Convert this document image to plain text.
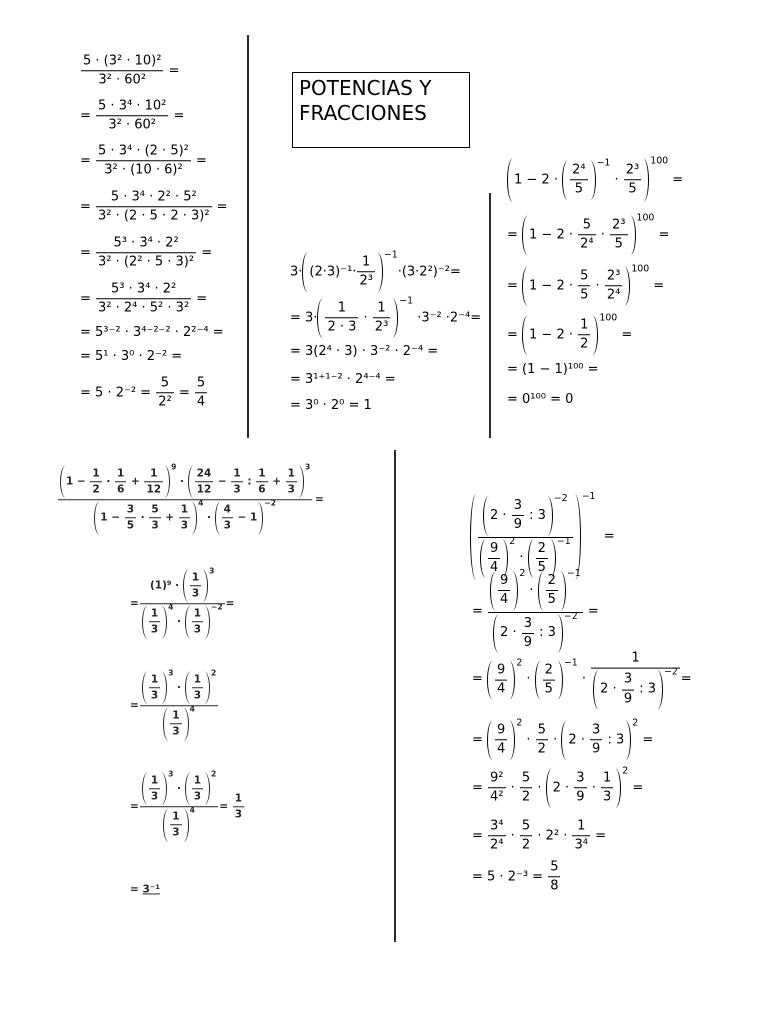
POTENCIAS Y
FRACCIONES
$\frac{\text{5 · (3² · 10)²}}{\text{3² · 60²}}$ =
= $\frac{\text{5 · 3⁴ · 10²}}{\text{3² · 60²}}$ =
= $\frac{\text{5 · 3⁴ · (2 · 5)²}}{\text{3² · (10 · 6)²}}$ =
= $\frac{\text{5 · 3⁴ · 2² · 5²}}{\text{3² · (2 · 5 · 2 · 3)²}}$ =
= $\frac{\text{5³ · 3⁴ · 2²}}{\text{3² · (2² · 5 · 3)²}}$ =
= $\frac{\text{5³ · 3⁴ · 2²}}{\text{3² · 2⁴ · 5² · 3²}}$ =
= 5³⁻² · 3⁴⁻²⁻² · 2²⁻⁴ =
= 5¹ · 3⁰ · 2⁻² =
= $5 \cdot 2^{-2} = \frac{5}{\text{2²}} = \frac{5}{4}$
$3\cdot (2\cdot 3)^{-1}\cdot \frac{1}{\text{2³}} -1$
·(3·2²)⁻²=
= $3\cdot \frac{1}{2 \cdot 3} \cdot \frac{1}{\text{2³}} -1$
·3⁻² ·2⁻⁴=
= 3(2⁴ · 3) · 3⁻² · 2⁻⁴ =
= 3¹⁺¹⁻² · 2⁴⁻⁴ =
= 3⁰ · 2⁰ = 1
$1 - 2 \cdot \frac{\text{2⁴}}{5} -1$
· $\frac{\text{2³}}{5}$
100
=
= $1 - 2 \cdot \frac{5}{\text{2⁴}} \cdot \frac{\text{2³}}{5} 100$
=
= $1 - 2 \cdot \frac{5}{5} \cdot \frac{\text{2³}}{\text{2⁴}} 100$
=
= $1 - 2 \cdot \frac{1}{2} 100$
=
= (1 − 1)¹⁰⁰ =
= 0¹⁰⁰ = 0
$1 - \frac{1}{2} \cdot \frac{1}{6} + \frac{1}{12}$
9
· $\frac{24}{12} - \frac{1}{3}$ : $\frac{1}{6} + \frac{1}{3}$
3
$1 - \frac{3}{5} \cdot \frac{5}{3} + \frac{1}{3}$
4
· $\frac{4}{3} - 1$
−2 =
= $(1)^9 \cdot \frac{1}{3}$
3
$\frac{1}{3}$
4
· $\frac{1}{3}$
−2 =
= $\frac{1}{3}$
3
· $\frac{1}{3}$
2
$\frac{1}{3}$
4
= $\frac{1}{3}$
3
· $\frac{1}{3}$
2
$\frac{1}{3}$
$4 = \frac{1}{3}$
= 3⁻¹
$2 \cdot \frac{3}{9}$ : 3
−2
$\frac{9}{4} 2$
· $\frac{2}{5} -1 -1$
=
= $\frac{9}{4} 2$
· $\frac{2}{5} -1$
$2 \cdot \frac{3}{9}$ : 3
−2 =
= $\frac{9}{4} 2$
· $\frac{2}{5} -1$
· 1
$2 \cdot \frac{3}{9}$ : 3
−2 =
= $\frac{9}{4} 2$
· $\frac{5}{2} \cdot 2 \cdot \frac{3}{9}$ : 3
2
=
= $\frac{\text{9²}}{\text{4²}} \cdot \frac{5}{2} \cdot 2 \cdot \frac{3}{9} \cdot \frac{1}{3} 2$
=
= $\frac{\text{3⁴}}{\text{2⁴}} \cdot \frac{5}{2} \cdot 2^2 \cdot \frac{1}{\text{3⁴}}$ =
= $5 \cdot 2^{-3} = \frac{5}{8}$
